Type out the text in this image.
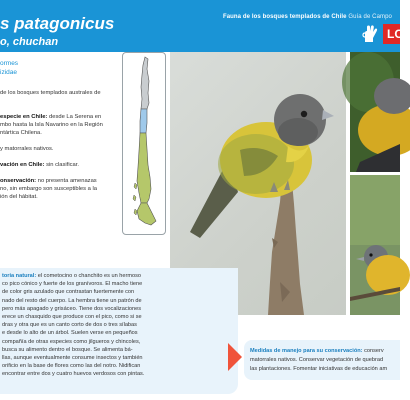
s patagonicus
o, chuchan
Fauna de los bosques templados de Chile Guía de Campo
LO
ormes
izidae
de los bosques templados australes de
especie en Chile: desde La Serena en
mbo hasta la Isla Navarino en la Región
ntártica Chilena.
y matorrales nativos.
vación en Chile: sin clasificar.
onservación: no presenta amenazas
no, sin embargo son susceptibles a la
ión del hábitat.
toria natural: el cometocino o chanchito es un hermoso
co pico cónico y fuerte de los granívoros. El macho tiene
de color gris azulado que contrastan fuertemente con
nado del resto del cuerpo. La hembra tiene un patrón de
pero más apagado y grisáceo. Tiene dos vocalizaciones
erece un chasquido que produce con el pico, como si se
dras y otra que es un canto corto de dos o tres sílabas
e desde lo alto de un árbol. Suelen verse en pequeños
compañía de otras especies como jilgueros y chincoles,
busca su alimento dentro el bosque. Se alimenta bá-
llas, aunque eventualmente consume insectos y también
orificio en la base de flores como las del notro. Nidifican
encontrar entre dos y cuatro huevos verdosos con pintas.
Medidas de manejo para su conservación: conserv
matorrales nativos. Conservar vegetación de quebrad
las plantaciones. Fomentar iniciativas de educación am
